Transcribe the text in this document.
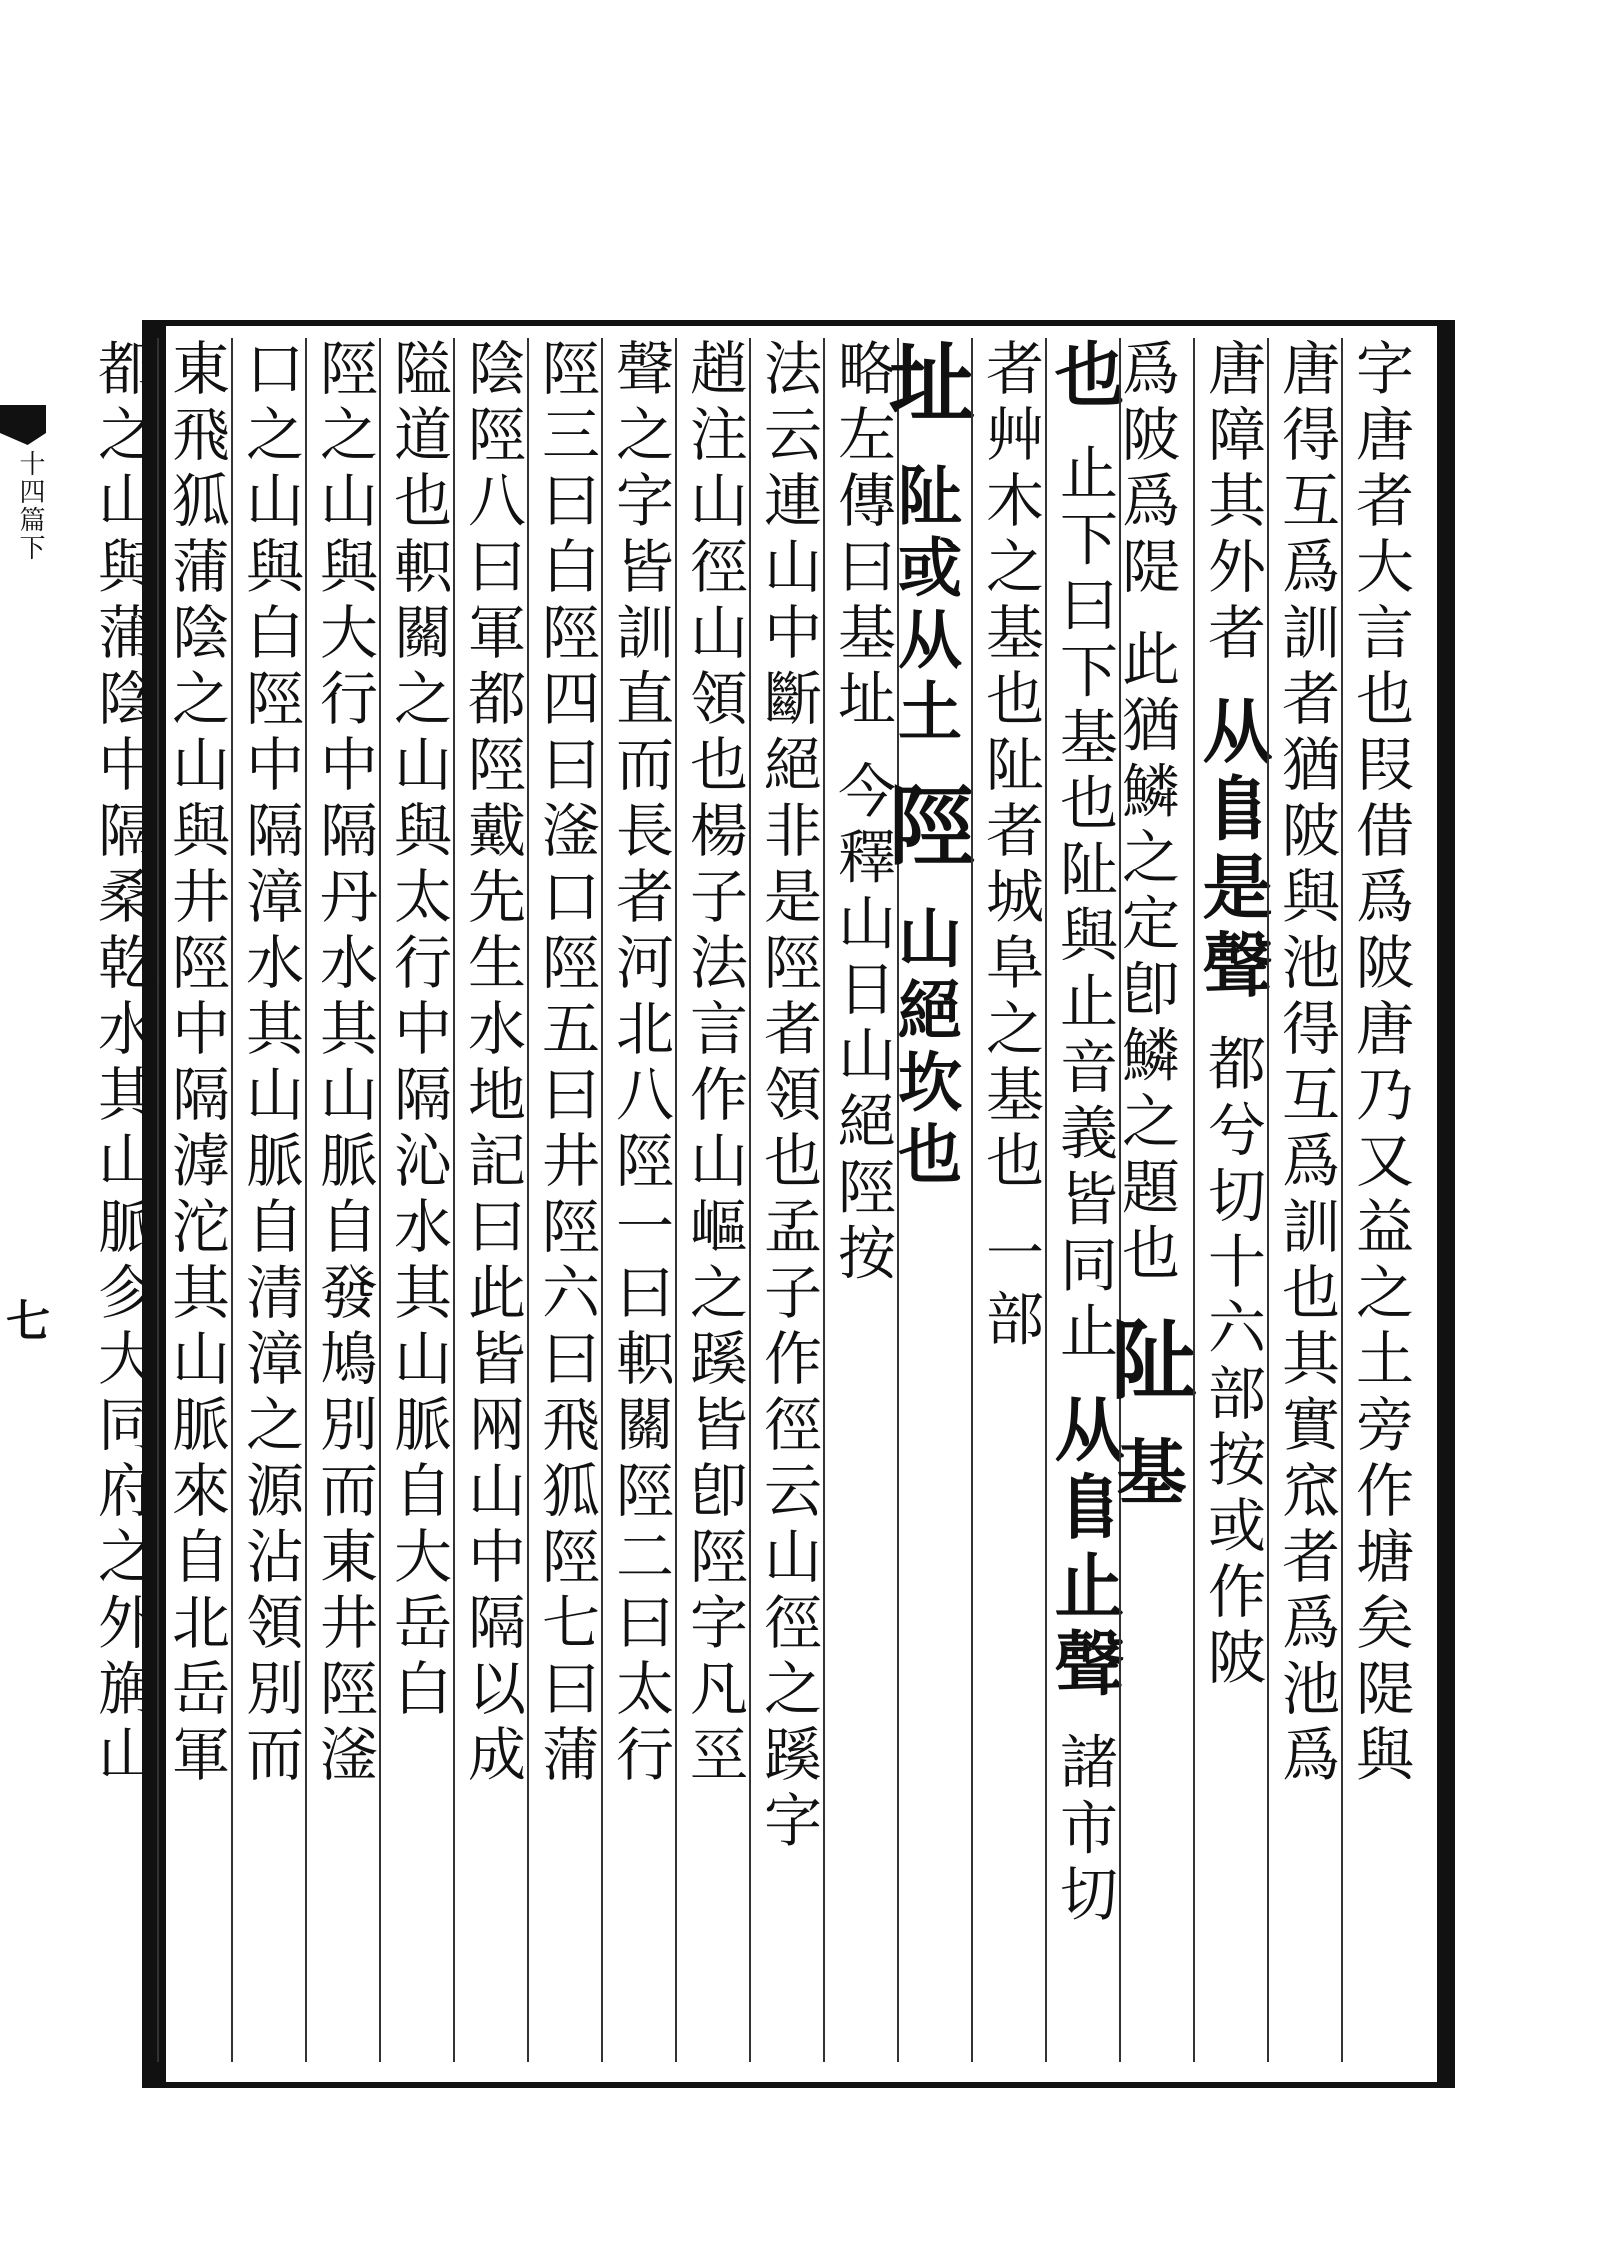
十四篇下
七	字唐者大言也叚借爲陂唐乃又益之土旁作塘矣隄與
唐得互爲訓者猶陂與池得互爲訓也其實窊者爲池爲
唐障其外者 从𨸏是聲 都兮切十六部按或作陂
爲陂爲隄 此猶鱗之定卽鱗之題也 阯 基
也 止下曰下基也阯與止音義皆同止 从𨸏止聲 諸市切
者艸木之基也阯者城阜之基也 一部
址 阯或从土 陘 山絕坎也
略左傳曰基址 今釋山日山絕陘按
法云連山中斷絕非是陘者領也孟子作徑云山徑之蹊字
趙注山徑山領也楊子法言作山嶇之蹊皆卽陘字凡巠
聲之字皆訓直而長者河北八陘一曰軹關陘二曰太行
陘三曰白陘四曰滏口陘五曰井陘六曰飛狐陘七曰蒲
陰陘八曰軍都陘戴先生水地記曰此皆㒳山中隔以成
隘道也軹關之山與太行中隔沁水其山脈自大岳白
陘之山與大行中隔丹水其山脈自發鳩別而東井陘滏
口之山與白陘中隔漳水其山脈自清漳之源沾領別而
東飛狐蒲陰之山與井陘中隔滹沱其山脈來自北岳軍
都之山與蒲陰中隔桑乾水其山脈㐱大同府之外㫋山
